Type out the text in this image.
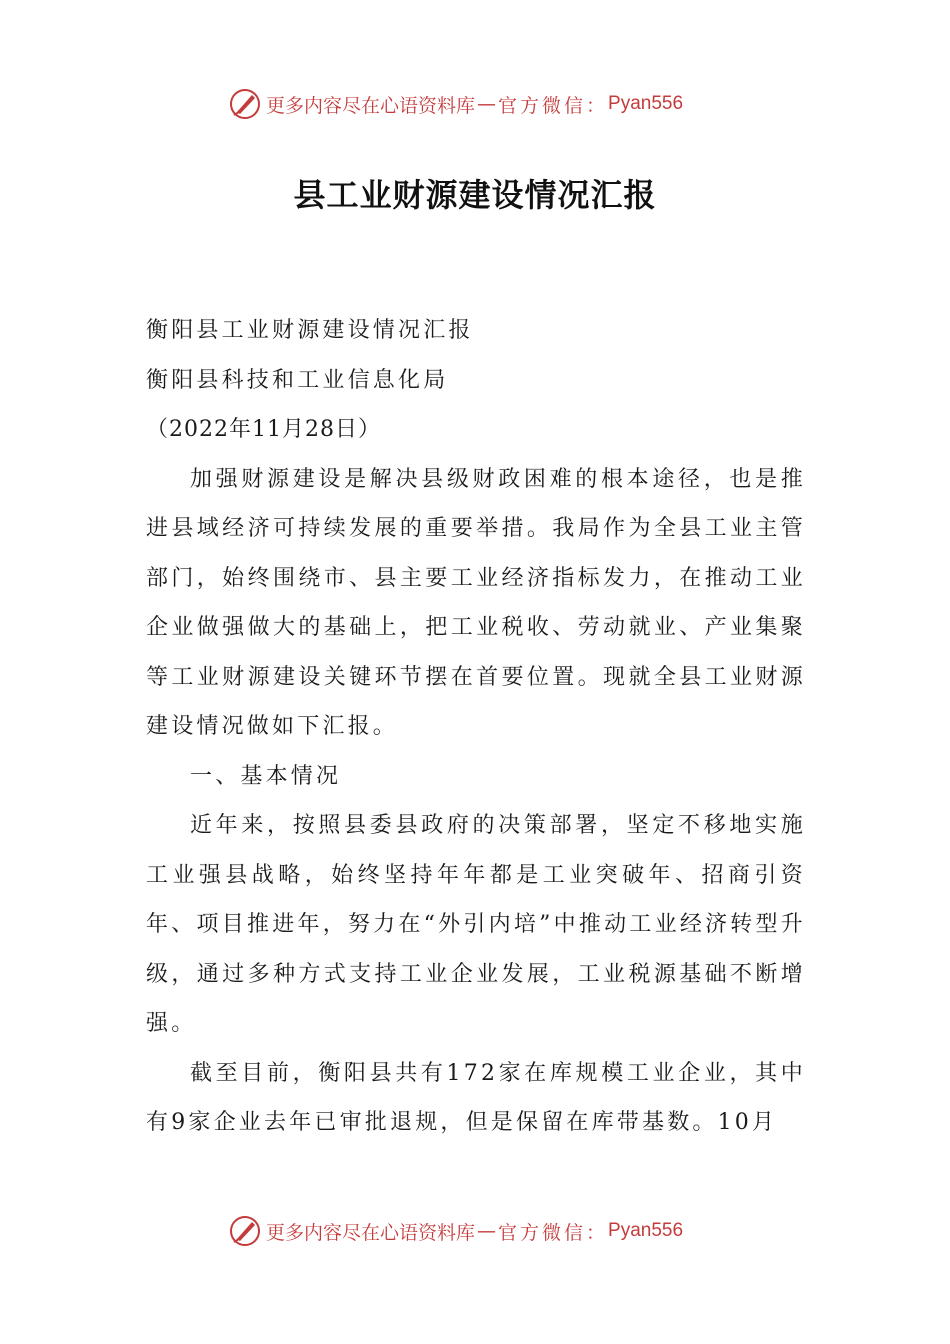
更多内容尽在心语资料库 — 官方微信： Pyan556
县工业财源建设情况汇报

衡阳县工业财源建设情况汇报

衡阳县科技和工业信息化局

（2022年11月28日）

加强财源建设是解决县级财政困难的根本途径，也是推进县域经济可持续发展的重要举措。我局作为全县工业主管部门，始终围绕市、县主要工业经济指标发力，在推动工业企业做强做大的基础上，把工业税收、劳动就业、产业集聚等工业财源建设关键环节摆在首要位置。现就全县工业财源建设情况做如下汇报。

一、基本情况

近年来，按照县委县政府的决策部署，坚定不移地实施工业强县战略，始终坚持年年都是工业突破年、招商引资年、项目推进年，努力在“外引内培”中推动工业经济转型升级，通过多种方式支持工业企业发展，工业税源基础不断增强。

截至目前，衡阳县共有172家在库规模工业企业，其中有9家企业去年已审批退规，但是保留在库带基数。10月

更多内容尽在心语资料库 — 官方微信： Pyan556
